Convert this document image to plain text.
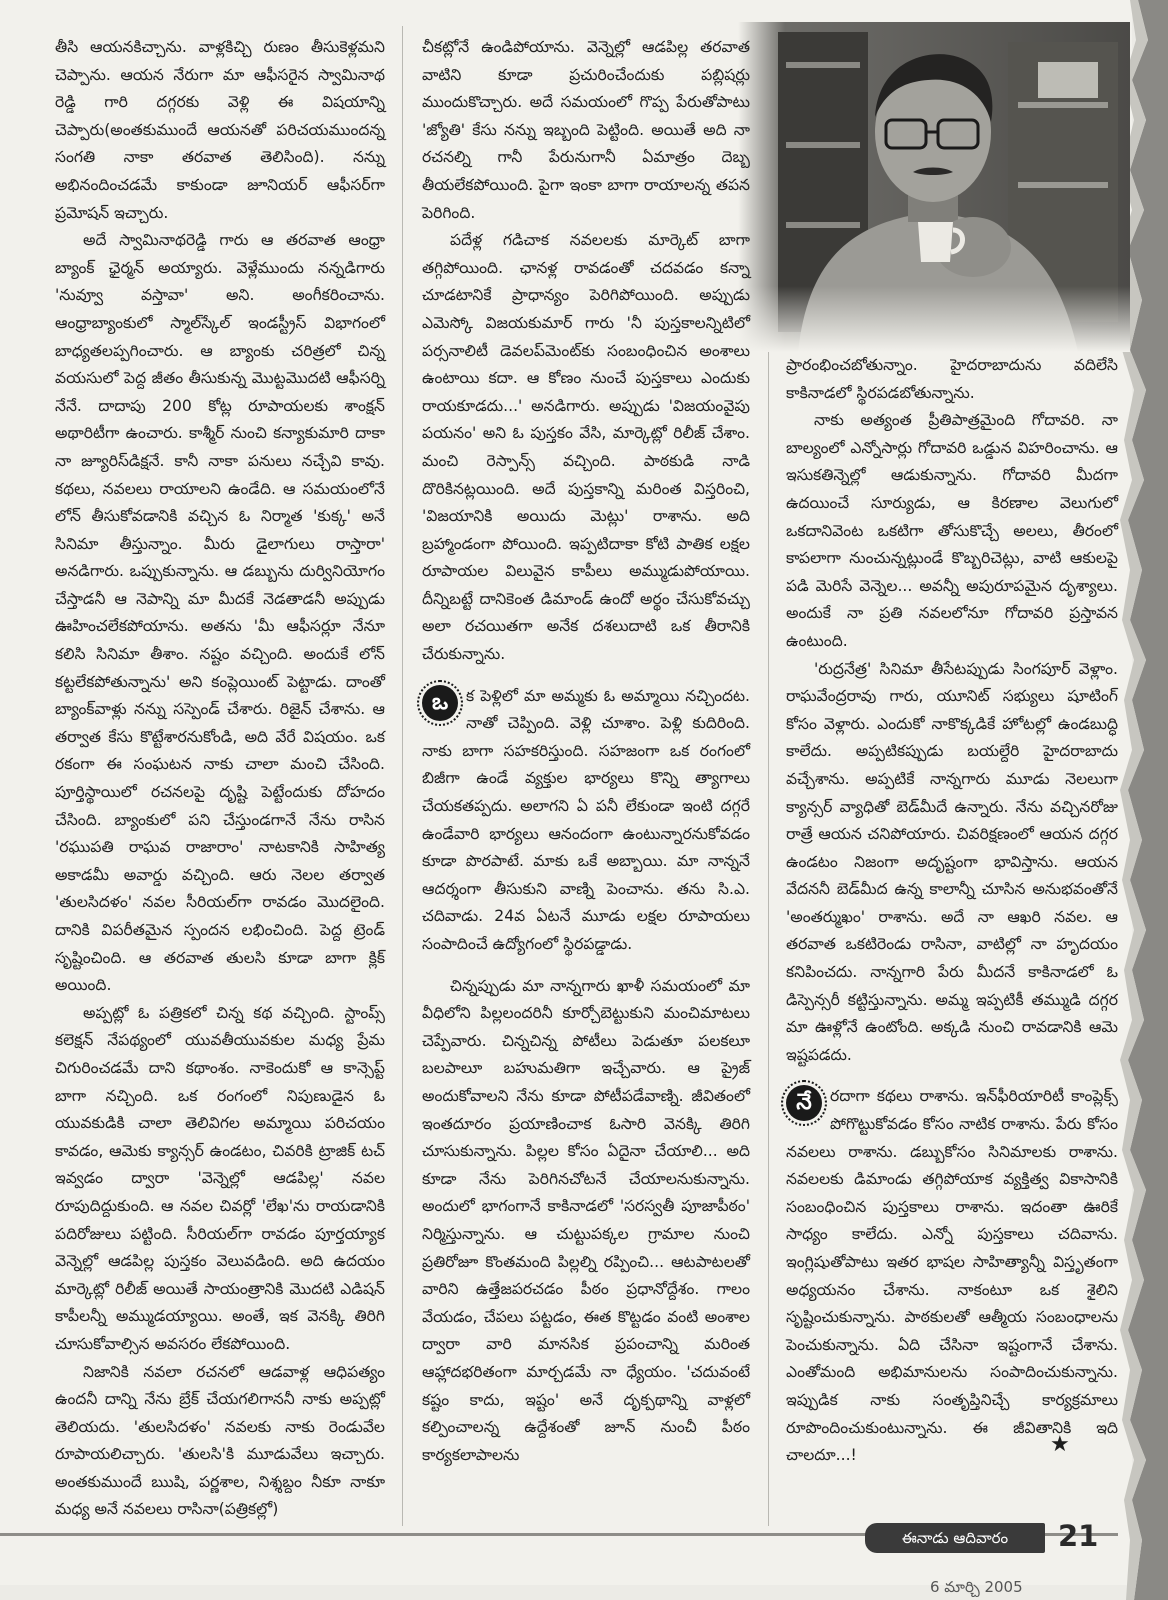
తీసి ఆయనకిచ్చాను. వాళ్లకిచ్చి రుణం తీసుకెళ్లమని చెప్పాను. ఆయన నేరుగా మా ఆఫీసరైన స్వామినాథ రెడ్డి గారి దగ్గరకు వెళ్లి ఈ విషయాన్ని చెప్పారు(అంతకుముందే ఆయనతో పరిచయముందన్న సంగతి నాకా తరవాత తెలిసింది). నన్ను అభినందించడమే కాకుండా జూనియర్ ఆఫీసర్‌గా ప్రమోషన్ ఇచ్చారు.

అదే స్వామినాథరెడ్డి గారు ఆ తరవాత ఆంధ్రా బ్యాంక్ ఛైర్మన్ అయ్యారు. వెళ్లేముందు నన్నడిగారు 'నువ్వూ వస్తావా' అని. అంగీకరించాను. ఆంధ్రాబ్యాంకులో స్మాల్‌స్కేల్ ఇండస్ట్రీస్ విభాగంలో బాధ్యతలప్పగించారు. ఆ బ్యాంకు చరిత్రలో చిన్న వయసులో పెద్ద జీతం తీసుకున్న మొట్టమొదటి ఆఫీసర్ని నేనే. దాదాపు 200 కోట్ల రూపాయలకు శాంక్షన్ అథారిటీగా ఉంచారు. కాశ్మీర్ నుంచి కన్యాకుమారి దాకా నా జ్యూరిస్‌డిక్షనే. కానీ నాకా పనులు నచ్చేవి కావు. కథలు, నవలలు రాయాలని ఉండేది. ఆ సమయంలోనే లోన్ తీసుకోవడానికి వచ్చిన ఓ నిర్మాత 'కుక్క' అనే సినిమా తీస్తున్నాం. మీరు డైలాగులు రాస్తారా' అనడిగారు. ఒప్పుకున్నాను. ఆ డబ్బును దుర్వినియోగం చేస్తాడనీ ఆ నెపాన్ని మా మీదకే నెడతాడనీ అప్పుడు ఊహించలేకపోయాను. అతను 'మీ ఆఫీసర్లూ నేనూ కలిసి సినిమా తీశాం. నష్టం వచ్చింది. అందుకే లోన్ కట్టలేకపోతున్నాను' అని కంప్లెయింట్ పెట్టాడు. దాంతో బ్యాంక్‌వాళ్లు నన్ను సస్పెండ్ చేశారు. రిజైన్ చేశాను. ఆ తర్వాత కేసు కొట్టేశారనుకోండి, అది వేరే విషయం. ఒక రకంగా ఈ సంఘటన నాకు చాలా మంచి చేసింది. పూర్తిస్థాయిలో రచనలపై దృష్టి పెట్టేందుకు దోహదం చేసింది. బ్యాంకులో పని చేస్తుండగానే నేను రాసిన 'రఘుపతి రాఘవ రాజారాం' నాటకానికి సాహిత్య అకాడమీ అవార్డు వచ్చింది. ఆరు నెలల తర్వాత 'తులసిదళం' నవల సీరియల్‌గా రావడం మొదలైంది. దానికి విపరీతమైన స్పందన లభించింది. పెద్ద ట్రెండ్ సృష్టించింది. ఆ తరవాత తులసి కూడా బాగా క్లిక్ అయింది.

అప్పట్లో ఓ పత్రికలో చిన్న కథ వచ్చింది. స్టాంప్స్ కలెక్షన్ నేపథ్యంలో యువతీయువకుల మధ్య ప్రేమ చిగురించడమే దాని కథాంశం. నాకెందుకో ఆ కాన్సెప్ట్ బాగా నచ్చింది. ఒక రంగంలో నిపుణుడైన ఓ యువకుడికి చాలా తెలివిగల అమ్మాయి పరిచయం కావడం, ఆమెకు క్యాన్సర్ ఉండటం, చివరికి ట్రాజిక్ టచ్ ఇవ్వడం ద్వారా 'వెన్నెల్లో ఆడపిల్ల' నవల రూపుదిద్దుకుంది. ఆ నవల చివర్లో 'లేఖ'ను రాయడానికి పదిరోజులు పట్టింది. సీరియల్‌గా రావడం పూర్తయ్యాక వెన్నెల్లో ఆడపిల్ల పుస్తకం వెలువడింది. అది ఉదయం మార్కెట్లో రిలీజ్ అయితే సాయంత్రానికి మొదటి ఎడిషన్ కాపీలన్నీ అమ్ముడయ్యాయి. అంతే, ఇక వెనక్కి తిరిగి చూసుకోవాల్సిన అవసరం లేకపోయింది.

నిజానికి నవలా రచనలో ఆడవాళ్ల ఆధిపత్యం ఉందనీ దాన్ని నేను బ్రేక్ చేయగలిగాననీ నాకు అప్పట్లో తెలియదు. 'తులసిదళం' నవలకు నాకు రెండువేల రూపాయలిచ్చారు. 'తులసి'కి మూడువేలు ఇచ్చారు. అంతకుముందే ఋషి, పర్ణశాల, నిశ్శబ్దం నీకూ నాకూ మధ్య అనే నవలలు రాసినా(పత్రికల్లో)

చీకట్లోనే ఉండిపోయాను. వెన్నెల్లో ఆడపిల్ల తరవాత వాటిని కూడా ప్రచురించేందుకు పబ్లిషర్లు ముందుకొచ్చారు. అదే సమయంలో గొప్ప పేరుతోపాటు 'జ్యోతి' కేసు నన్ను ఇబ్బంది పెట్టింది. అయితే అది నా రచనల్ని గానీ పేరునుగానీ ఏమాత్రం దెబ్బ తీయలేకపోయింది. పైగా ఇంకా బాగా రాయాలన్న తపన పెరిగింది.

పదేళ్ల గడిచాక నవలలకు మార్కెట్ బాగా తగ్గిపోయింది. ఛానళ్ల రావడంతో చదవడం కన్నా చూడటానికే ప్రాధాన్యం పెరిగిపోయింది. అప్పుడు ఎమెస్కో విజయకుమార్ గారు 'నీ పుస్తకాలన్నిటిలో పర్సనాలిటీ డెవలప్‌మెంట్‌కు సంబంధించిన అంశాలు ఉంటాయి కదా. ఆ కోణం నుంచే పుస్తకాలు ఎందుకు రాయకూడదు...' అనడిగారు. అప్పుడు 'విజయంవైపు పయనం' అని ఓ పుస్తకం వేసి, మార్కెట్లో రిలీజ్ చేశాం. మంచి రెస్పాన్స్ వచ్చింది. పాఠకుడి నాడి దొరికినట్లయింది. అదే పుస్తకాన్ని మరింత విస్తరించి, 'విజయానికి అయిదు మెట్లు' రాశాను. అది బ్రహ్మాండంగా పోయింది. ఇప్పటిదాకా కోటి పాతిక లక్షల రూపాయల విలువైన కాపీలు అమ్ముడుపోయాయి. దీన్నిబట్టే దానికెంత డిమాండ్ ఉందో అర్థం చేసుకోవచ్చు అలా రచయితగా అనేక దశలుదాటి ఒక తీరానికి చేరుకున్నాను.

ఒ	క పెళ్లిలో మా అమ్మకు ఓ అమ్మాయి నచ్చిందట. నాతో చెప్పింది. వెళ్లి చూశాం. పెళ్లి కుదిరింది. నాకు బాగా సహకరిస్తుంది. సహజంగా ఒక రంగంలో బిజీగా ఉండే వ్యక్తుల భార్యలు కొన్ని త్యాగాలు చేయకతప్పదు. అలాగని ఏ పనీ లేకుండా ఇంటి దగ్గరే ఉండేవారి భార్యలు ఆనందంగా ఉంటున్నారనుకోవడం కూడా పొరపాటే. మాకు ఒకే అబ్బాయి. మా నాన్ననే ఆదర్శంగా తీసుకుని వాణ్ని పెంచాను. తను సి.ఎ. చదివాడు. 24వ ఏటనే మూడు లక్షల రూపాయలు సంపాదించే ఉద్యోగంలో స్థిరపడ్డాడు.

చిన్నప్పుడు మా నాన్నగారు ఖాళీ సమయంలో మా వీధిలోని పిల్లలందరినీ కూర్చోబెట్టుకుని మంచిమాటలు చెప్పేవారు. చిన్నచిన్న పోటీలు పెడుతూ పలకలూ బలపాలూ బహుమతిగా ఇచ్చేవారు. ఆ ప్రైజ్ అందుకోవాలని నేను కూడా పోటీపడేవాణ్ని. జీవితంలో ఇంతదూరం ప్రయాణించాక ఓసారి వెనక్కి తిరిగి చూసుకున్నాను. పిల్లల కోసం ఏదైనా చేయాలి... అది కూడా నేను పెరిగినచోటనే చేయాలనుకున్నాను. అందులో భాగంగానే కాకినాడలో 'సరస్వతీ పూజాపీఠం' నిర్మిస్తున్నాను. ఆ చుట్టుపక్కల గ్రామాల నుంచి ప్రతిరోజూ కొంతమంది పిల్లల్ని రప్పించి... ఆటపాటలతో వారిని ఉత్తేజపరచడం పీఠం ప్రధానోద్దేశం. గాలం వేయడం, చేపలు పట్టడం, ఈత కొట్టడం వంటి అంశాల ద్వారా వారి మానసిక ప్రపంచాన్ని మరింత ఆహ్లాదభరితంగా మార్చడమే నా ధ్యేయం. 'చదువంటే కష్టం కాదు, ఇష్టం' అనే దృక్పథాన్ని వాళ్లలో కల్పించాలన్న ఉద్దేశంతో జూన్ నుంచీ పీఠం కార్యకలాపాలను

ప్రారంభించబోతున్నాం. హైదరాబాదును వదిలేసి కాకినాడలో స్థిరపడబోతున్నాను.

నాకు అత్యంత ప్రీతిపాత్రమైంది గోదావరి. నా బాల్యంలో ఎన్నోసార్లు గోదావరి ఒడ్డున విహరించాను. ఆ ఇసుకతిన్నెల్లో ఆడుకున్నాను. గోదావరి మీదగా ఉదయించే సూర్యుడు, ఆ కిరణాల వెలుగులో ఒకదానివెంట ఒకటిగా తోసుకొచ్చే అలలు, తీరంలో కాపలాగా నుంచున్నట్లుండే కొబ్బరిచెట్లు, వాటి ఆకులపై పడి మెరిసే వెన్నెల... అవన్నీ అపురూపమైన దృశ్యాలు. అందుకే నా ప్రతి నవలలోనూ గోదావరి ప్రస్తావన ఉంటుంది.

'రుద్రనేత్ర' సినిమా తీసేటప్పుడు సింగపూర్ వెళ్లాం. రాఘవేంద్రరావు గారు, యూనిట్ సభ్యులు షూటింగ్ కోసం వెళ్లారు. ఎందుకో నాకొక్కడికే హోటల్లో ఉండబుద్ధి కాలేదు. అప్పటికప్పుడు బయల్దేరి హైదరాబాదు వచ్చేశాను. అప్పటికే నాన్నగారు మూడు నెలలుగా క్యాన్సర్ వ్యాధితో బెడ్‌మీదే ఉన్నారు. నేను వచ్చినరోజు రాత్రే ఆయన చనిపోయారు. చివరిక్షణంలో ఆయన దగ్గర ఉండటం నిజంగా అదృష్టంగా భావిస్తాను. ఆయన వేదననీ బెడ్‌మీద ఉన్న కాలాన్నీ చూసిన అనుభవంతోనే 'అంతర్ముఖం' రాశాను. అదే నా ఆఖరి నవల. ఆ తరవాత ఒకటిరెండు రాసినా, వాటిల్లో నా హృదయం కనిపించదు. నాన్నగారి పేరు మీదనే కాకినాడలో ఓ డిస్పెన్సరీ కట్టిస్తున్నాను. అమ్మ ఇప్పటికీ తమ్ముడి దగ్గర మా ఊళ్లోనే ఉంటోంది. అక్కడి నుంచి రావడానికి ఆమె ఇష్టపడదు.

నే	రదాగా కథలు రాశాను. ఇన్‌ఫీరియారిటీ కాంప్లెక్స్ పోగొట్టుకోవడం కోసం నాటిక రాశాను. పేరు కోసం నవలలు రాశాను. డబ్బుకోసం సినిమాలకు రాశాను. నవలలకు డిమాండు తగ్గిపోయాక వ్యక్తిత్వ వికాసానికి సంబంధించిన పుస్తకాలు రాశాను. ఇదంతా ఊరికే సాధ్యం కాలేదు. ఎన్నో పుస్తకాలు చదివాను. ఇంగ్లిషుతోపాటు ఇతర భాషల సాహిత్యాన్నీ విస్తృతంగా అధ్యయనం చేశాను. నాకంటూ ఒక శైలిని సృష్టించుకున్నాను. పాఠకులతో ఆత్మీయ సంబంధాలను పెంచుకున్నాను. ఏది చేసినా ఇష్టంగానే చేశాను. ఎంతోమంది అభిమానులను సంపాదించుకున్నాను. ఇప్పుడిక నాకు సంతృప్తినిచ్చే కార్యక్రమాలు రూపొందించుకుంటున్నాను. ఈ జీవితానికి ఇది చాలదూ...!	★
ఈనాడు ఆదివారం	21
6 మార్చి 2005
